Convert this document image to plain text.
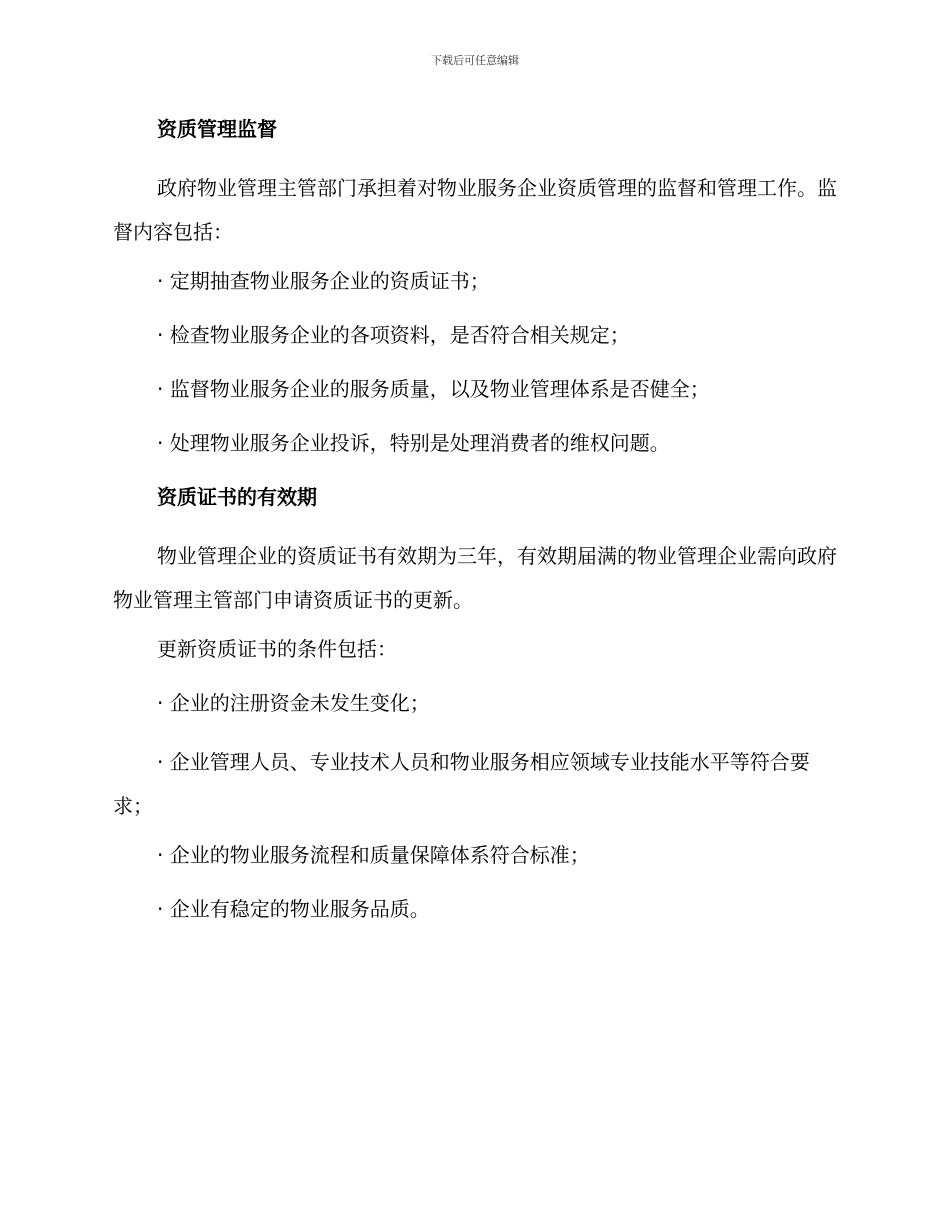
下载后可任意编辑
资质管理监督
政府物业管理主管部门承担着对物业服务企业资质管理的监督和管理工作。监督内容包括：
· 定期抽查物业服务企业的资质证书；
· 检查物业服务企业的各项资料，是否符合相关规定；
· 监督物业服务企业的服务质量，以及物业管理体系是否健全；
· 处理物业服务企业投诉，特别是处理消费者的维权问题。
资质证书的有效期
物业管理企业的资质证书有效期为三年，有效期届满的物业管理企业需向政府物业管理主管部门申请资质证书的更新。
更新资质证书的条件包括：
· 企业的注册资金未发生变化；
· 企业管理人员、专业技术人员和物业服务相应领域专业技能水平等符合要求；
· 企业的物业服务流程和质量保障体系符合标准；
· 企业有稳定的物业服务品质。
